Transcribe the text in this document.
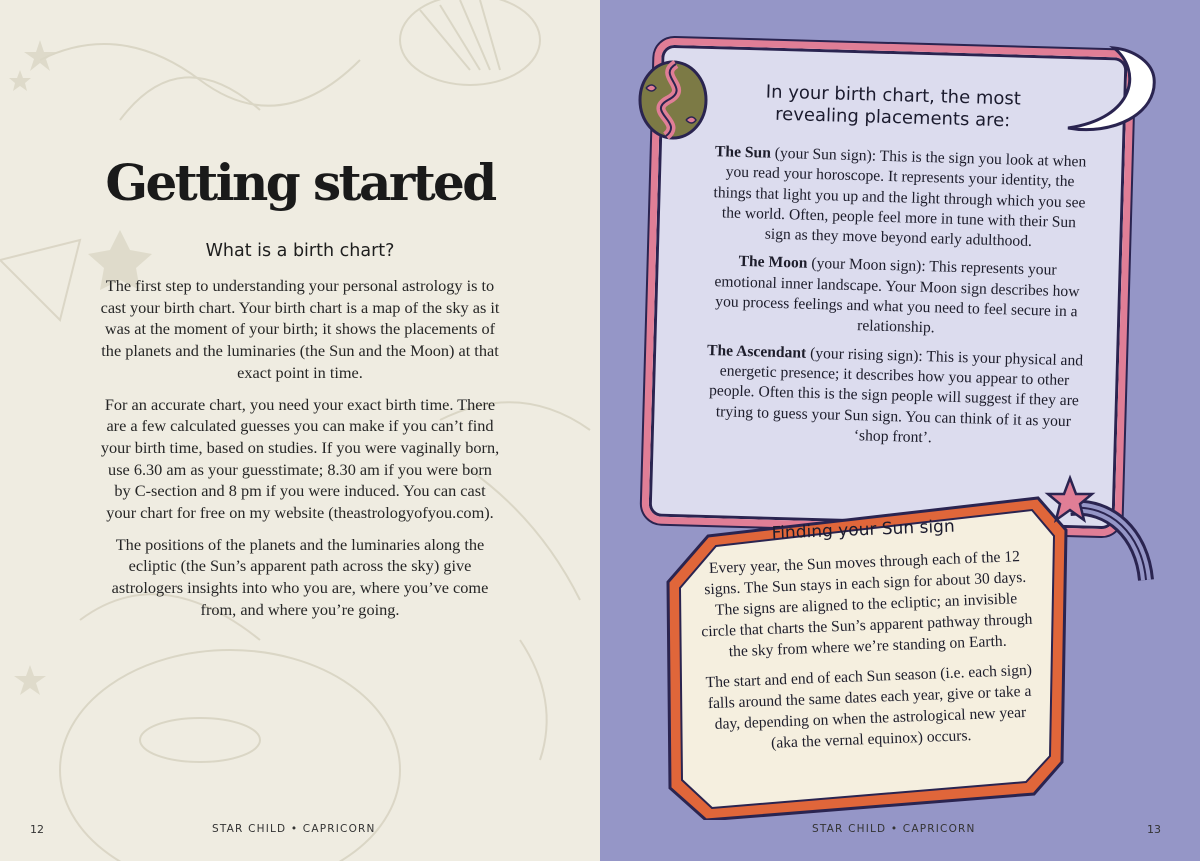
Getting started
What is a birth chart?

The first step to understanding your personal astrology is to cast your birth chart. Your birth chart is a map of the sky as it was at the moment of your birth; it shows the placements of the planets and the luminaries (the Sun and the Moon) at that exact point in time.

For an accurate chart, you need your exact birth time. There are a few calculated guesses you can make if you can’t find your birth time, based on studies. If you were vaginally born, use 6.30 am as your guesstimate; 8.30 am if you were born by C-section and 8 pm if you were induced. You can cast your chart for free on my website (theastrologyofyou.com).

The positions of the planets and the luminaries along the ecliptic (the Sun’s apparent path across the sky) give astrologers insights into who you are, where you’ve come from, and where you’re going.

12	STAR CHILD • CAPRICORN
In your birth chart, the most
revealing placements are:

The Sun (your Sun sign): This is the sign you look at when you read your horoscope. It represents your identity, the things that light you up and the light through which you see the world. Often, people feel more in tune with their Sun sign as they move beyond early adulthood.

The Moon (your Moon sign): This represents your emotional inner landscape. Your Moon sign describes how you process feelings and what you need to feel secure in a relationship.

The Ascendant (your rising sign): This is your physical and energetic presence; it describes how you appear to other people. Often this is the sign people will suggest if they are trying to guess your Sun sign. You can think of it as your ‘shop front’.

Finding your Sun sign

Every year, the Sun moves through each of the 12 signs. The Sun stays in each sign for about 30 days. The signs are aligned to the ecliptic; an invisible circle that charts the Sun’s apparent pathway through the sky from where we’re standing on Earth.

The start and end of each Sun season (i.e. each sign) falls around the same dates each year, give or take a day, depending on when the astrological new year (aka the vernal equinox) occurs.

STAR CHILD • CAPRICORN	13
